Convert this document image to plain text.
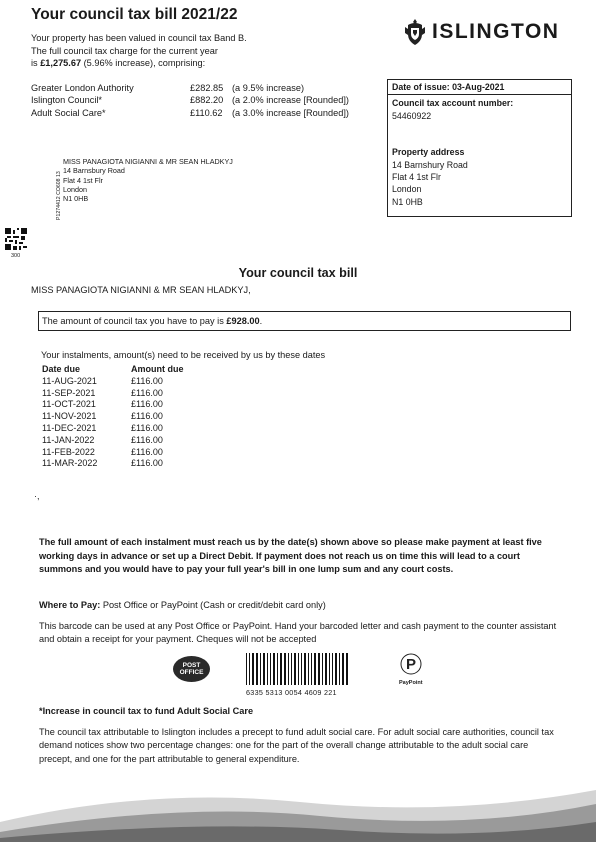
Your council tax bill 2021/22
ISLINGTON
Your property has been valued in council tax Band B.
The full council tax charge for the current year
is £1,275.67 (5.96% increase), comprising:
Greater London Authority	£282.85	(a 9.5% increase)
Islington Council*	£882.20	(a 2.0% increase [Rounded])
Adult Social Care*	£110.62	(a 3.0% increase [Rounded])
Date of issue: 03-Aug-2021
Council tax account number:
54460922
Property address
14 Barnshury Road
Flat 4 1st Flr
London
N1 0HB
P1274412 CO608 13
MISS PANAGIOTA NIGIANNI & MR SEAN HLADKYJ
14 Barnsbury Road
Flat 4 1st Flr
London
N1 0HB
300
Your council tax bill
MISS PANAGIOTA NIGIANNI & MR SEAN HLADKYJ,
The amount of council tax you have to pay is £928.00.
Your instalments, amount(s) need to be received by us by these dates
Date due	Amount due
11-AUG-2021	£116.00
11-SEP-2021	£116.00
11-OCT-2021	£116.00
11-NOV-2021	£116.00
11-DEC-2021	£116.00
11-JAN-2022	£116.00
11-FEB-2022	£116.00
11-MAR-2022	£116.00
·,
The full amount of each instalment must reach us by the date(s) shown above so please make payment at least five working days in advance or set up a Direct Debit. If payment does not reach us on time this will lead to a court summons and you would have to pay your full year's bill in one lump sum and any court costs.
Where to Pay: Post Office or PayPoint (Cash or credit/debit card only)
This barcode can be used at any Post Office or PayPoint. Hand your barcoded letter and cash payment to the counter assistant and obtain a receipt for your payment. Cheques will not be accepted
POST
OFFICE
6335 5313 0054 4609 221
P
PayPoint
*Increase in council tax to fund Adult Social Care
The council tax attributable to Islington includes a precept to fund adult social care. For adult social care authorities, council tax demand notices show two percentage changes: one for the part of the overall change attributable to the adult social care precept, and one for the part attributable to general expenditure.
